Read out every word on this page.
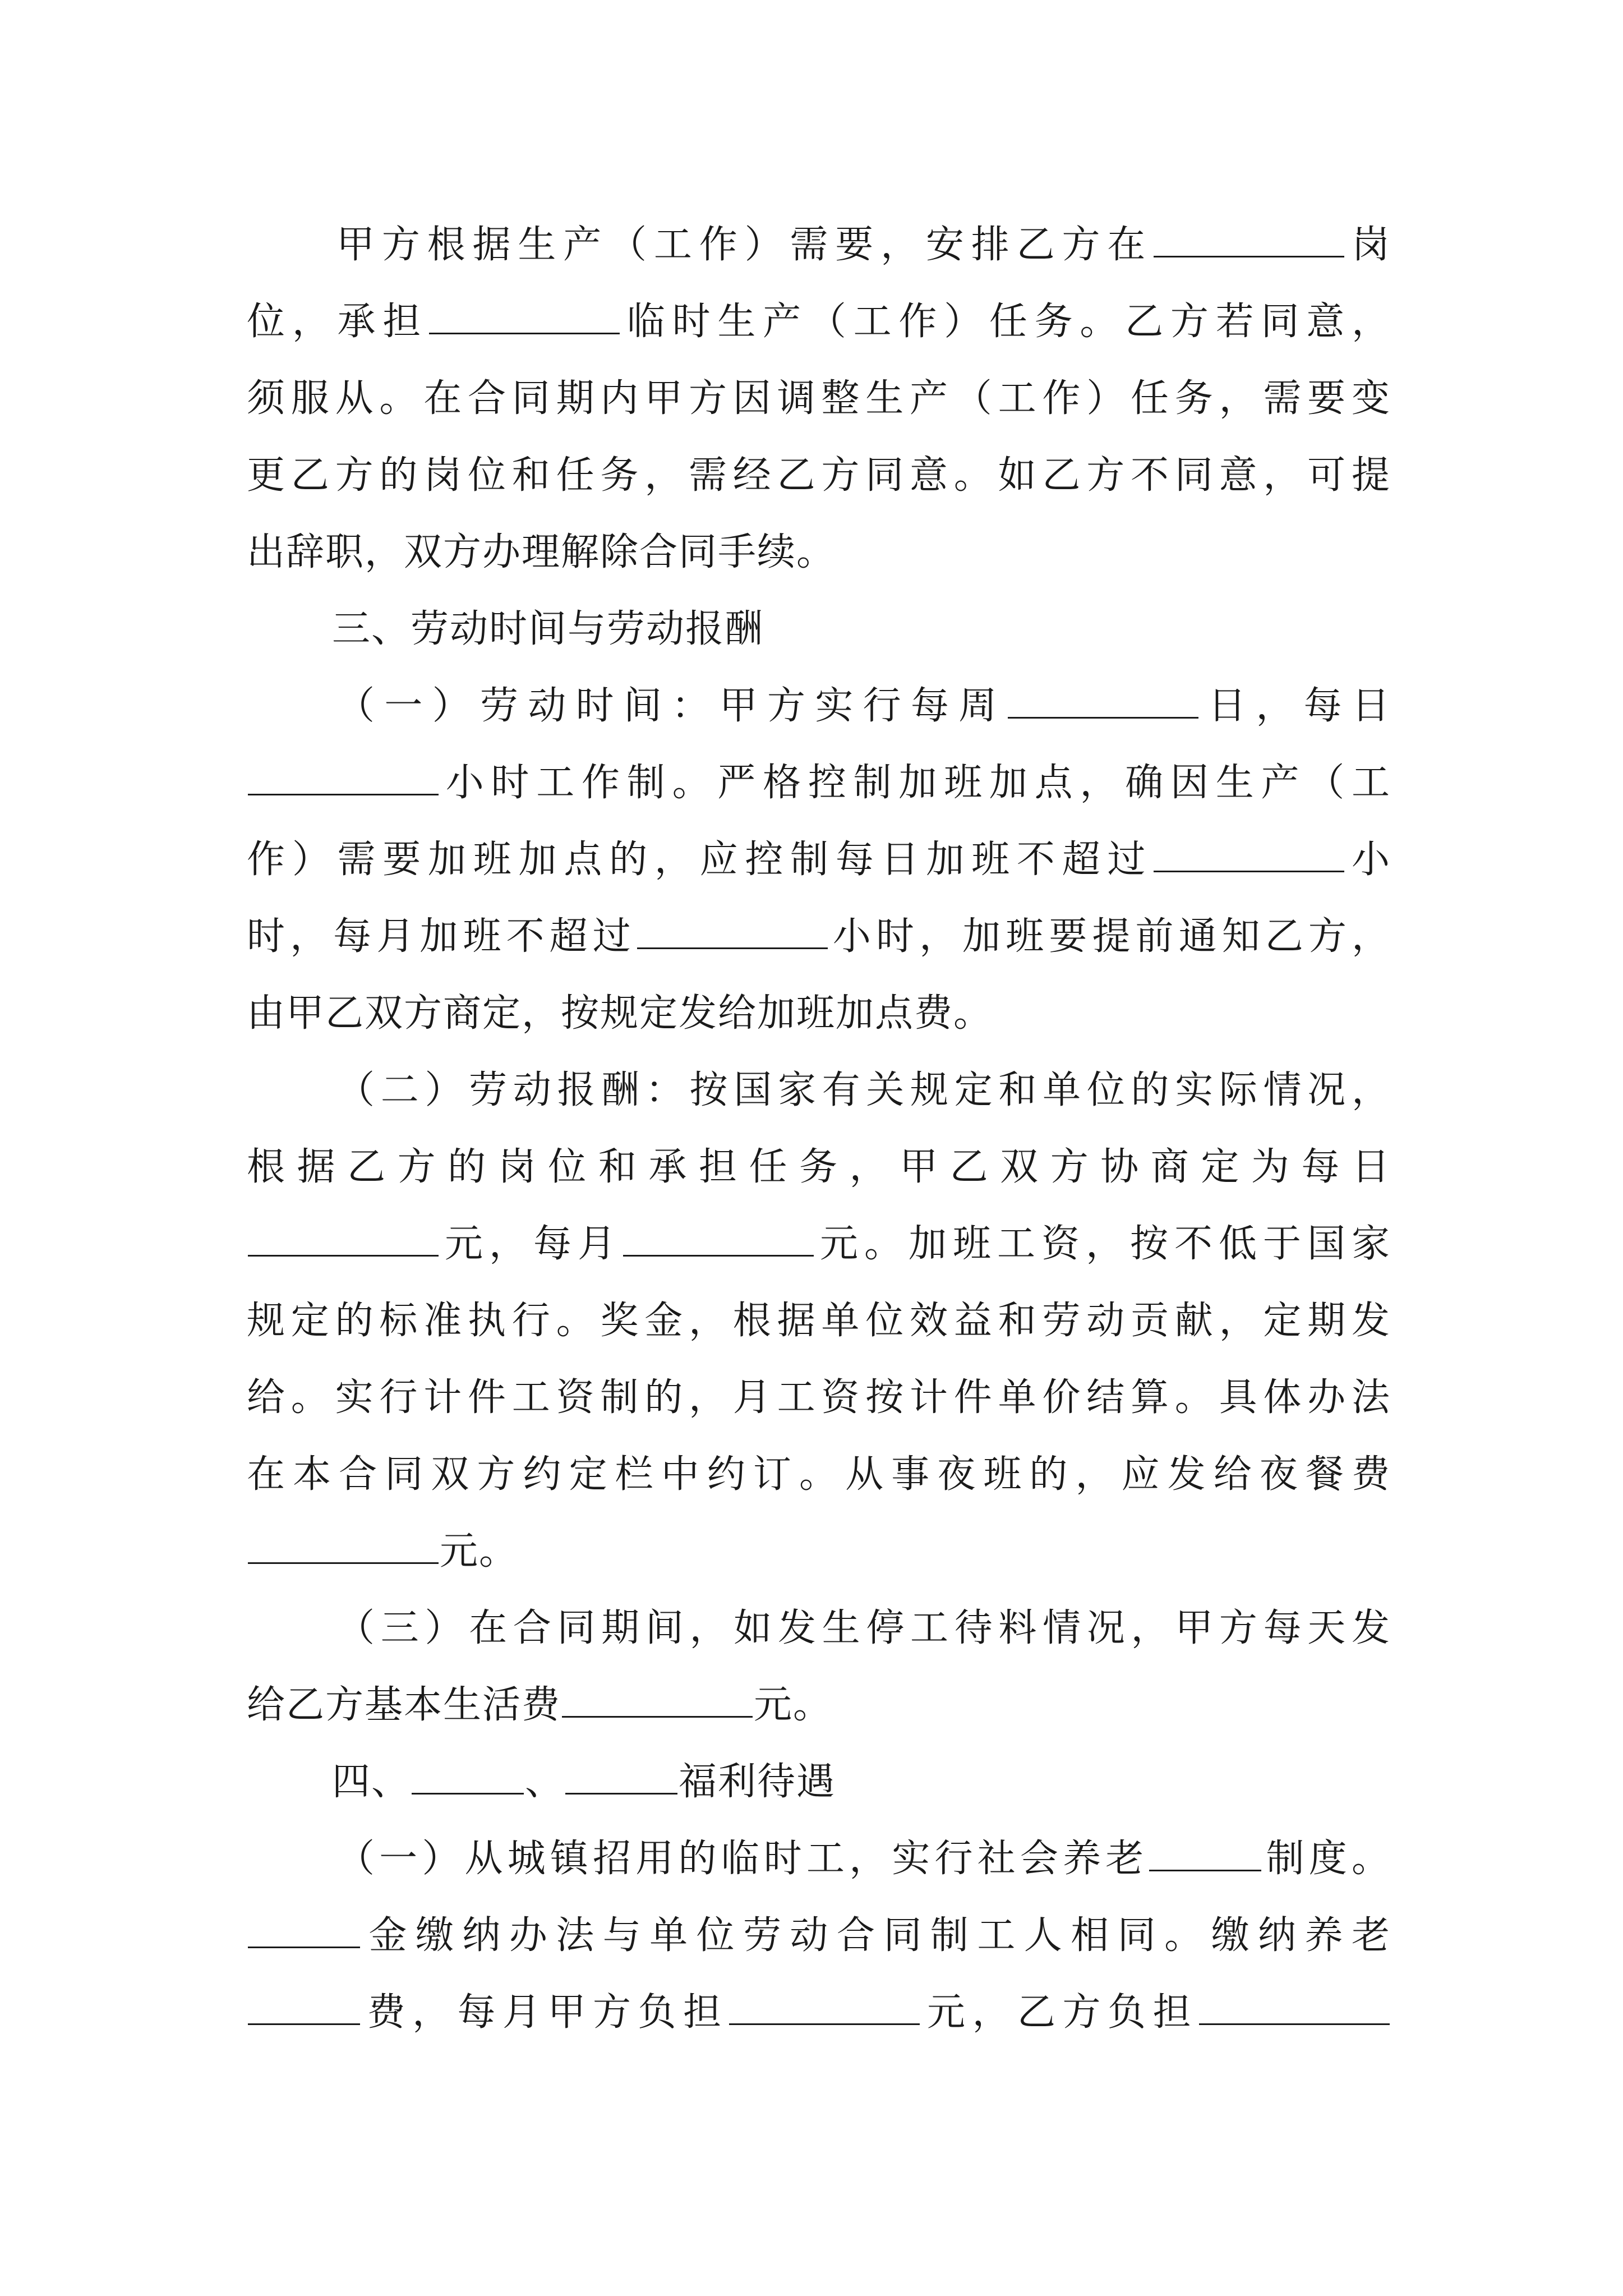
甲方根据生产（工作）需要，安排乙方在	岗
位，承担	临时生产（工作）任务。乙方若同意，
须服从。在合同期内甲方因调整生产（工作）任务，需要变
更乙方的岗位和任务，需经乙方同意。如乙方不同意，可提
出辞职，双方办理解除合同手续。
三、劳动时间与劳动报酬
（一）劳动时间：甲方实行每周	日，每日
小时工作制。严格控制加班加点，确因生产（工
作）需要加班加点的，应控制每日加班不超过	小
时，每月加班不超过	小时，加班要提前通知乙方，
由甲乙双方商定，按规定发给加班加点费。
（二）劳动报酬：按国家有关规定和单位的实际情况，
根据乙方的岗位和承担任务，甲乙双方协商定为每日
元，每月	元。加班工资，按不低于国家
规定的标准执行。奖金，根据单位效益和劳动贡献，定期发
给。实行计件工资制的，月工资按计件单价结算。具体办法
在本合同双方约定栏中约订。从事夜班的，应发给夜餐费
元。
（三）在合同期间，如发生停工待料情况，甲方每天发
给乙方基本生活费	元。
四、	、	福利待遇
（一）从城镇招用的临时工，实行社会养老	制度。
金缴纳办法与单位劳动合同制工人相同。缴纳养老
费，每月甲方负担	元，乙方负担
